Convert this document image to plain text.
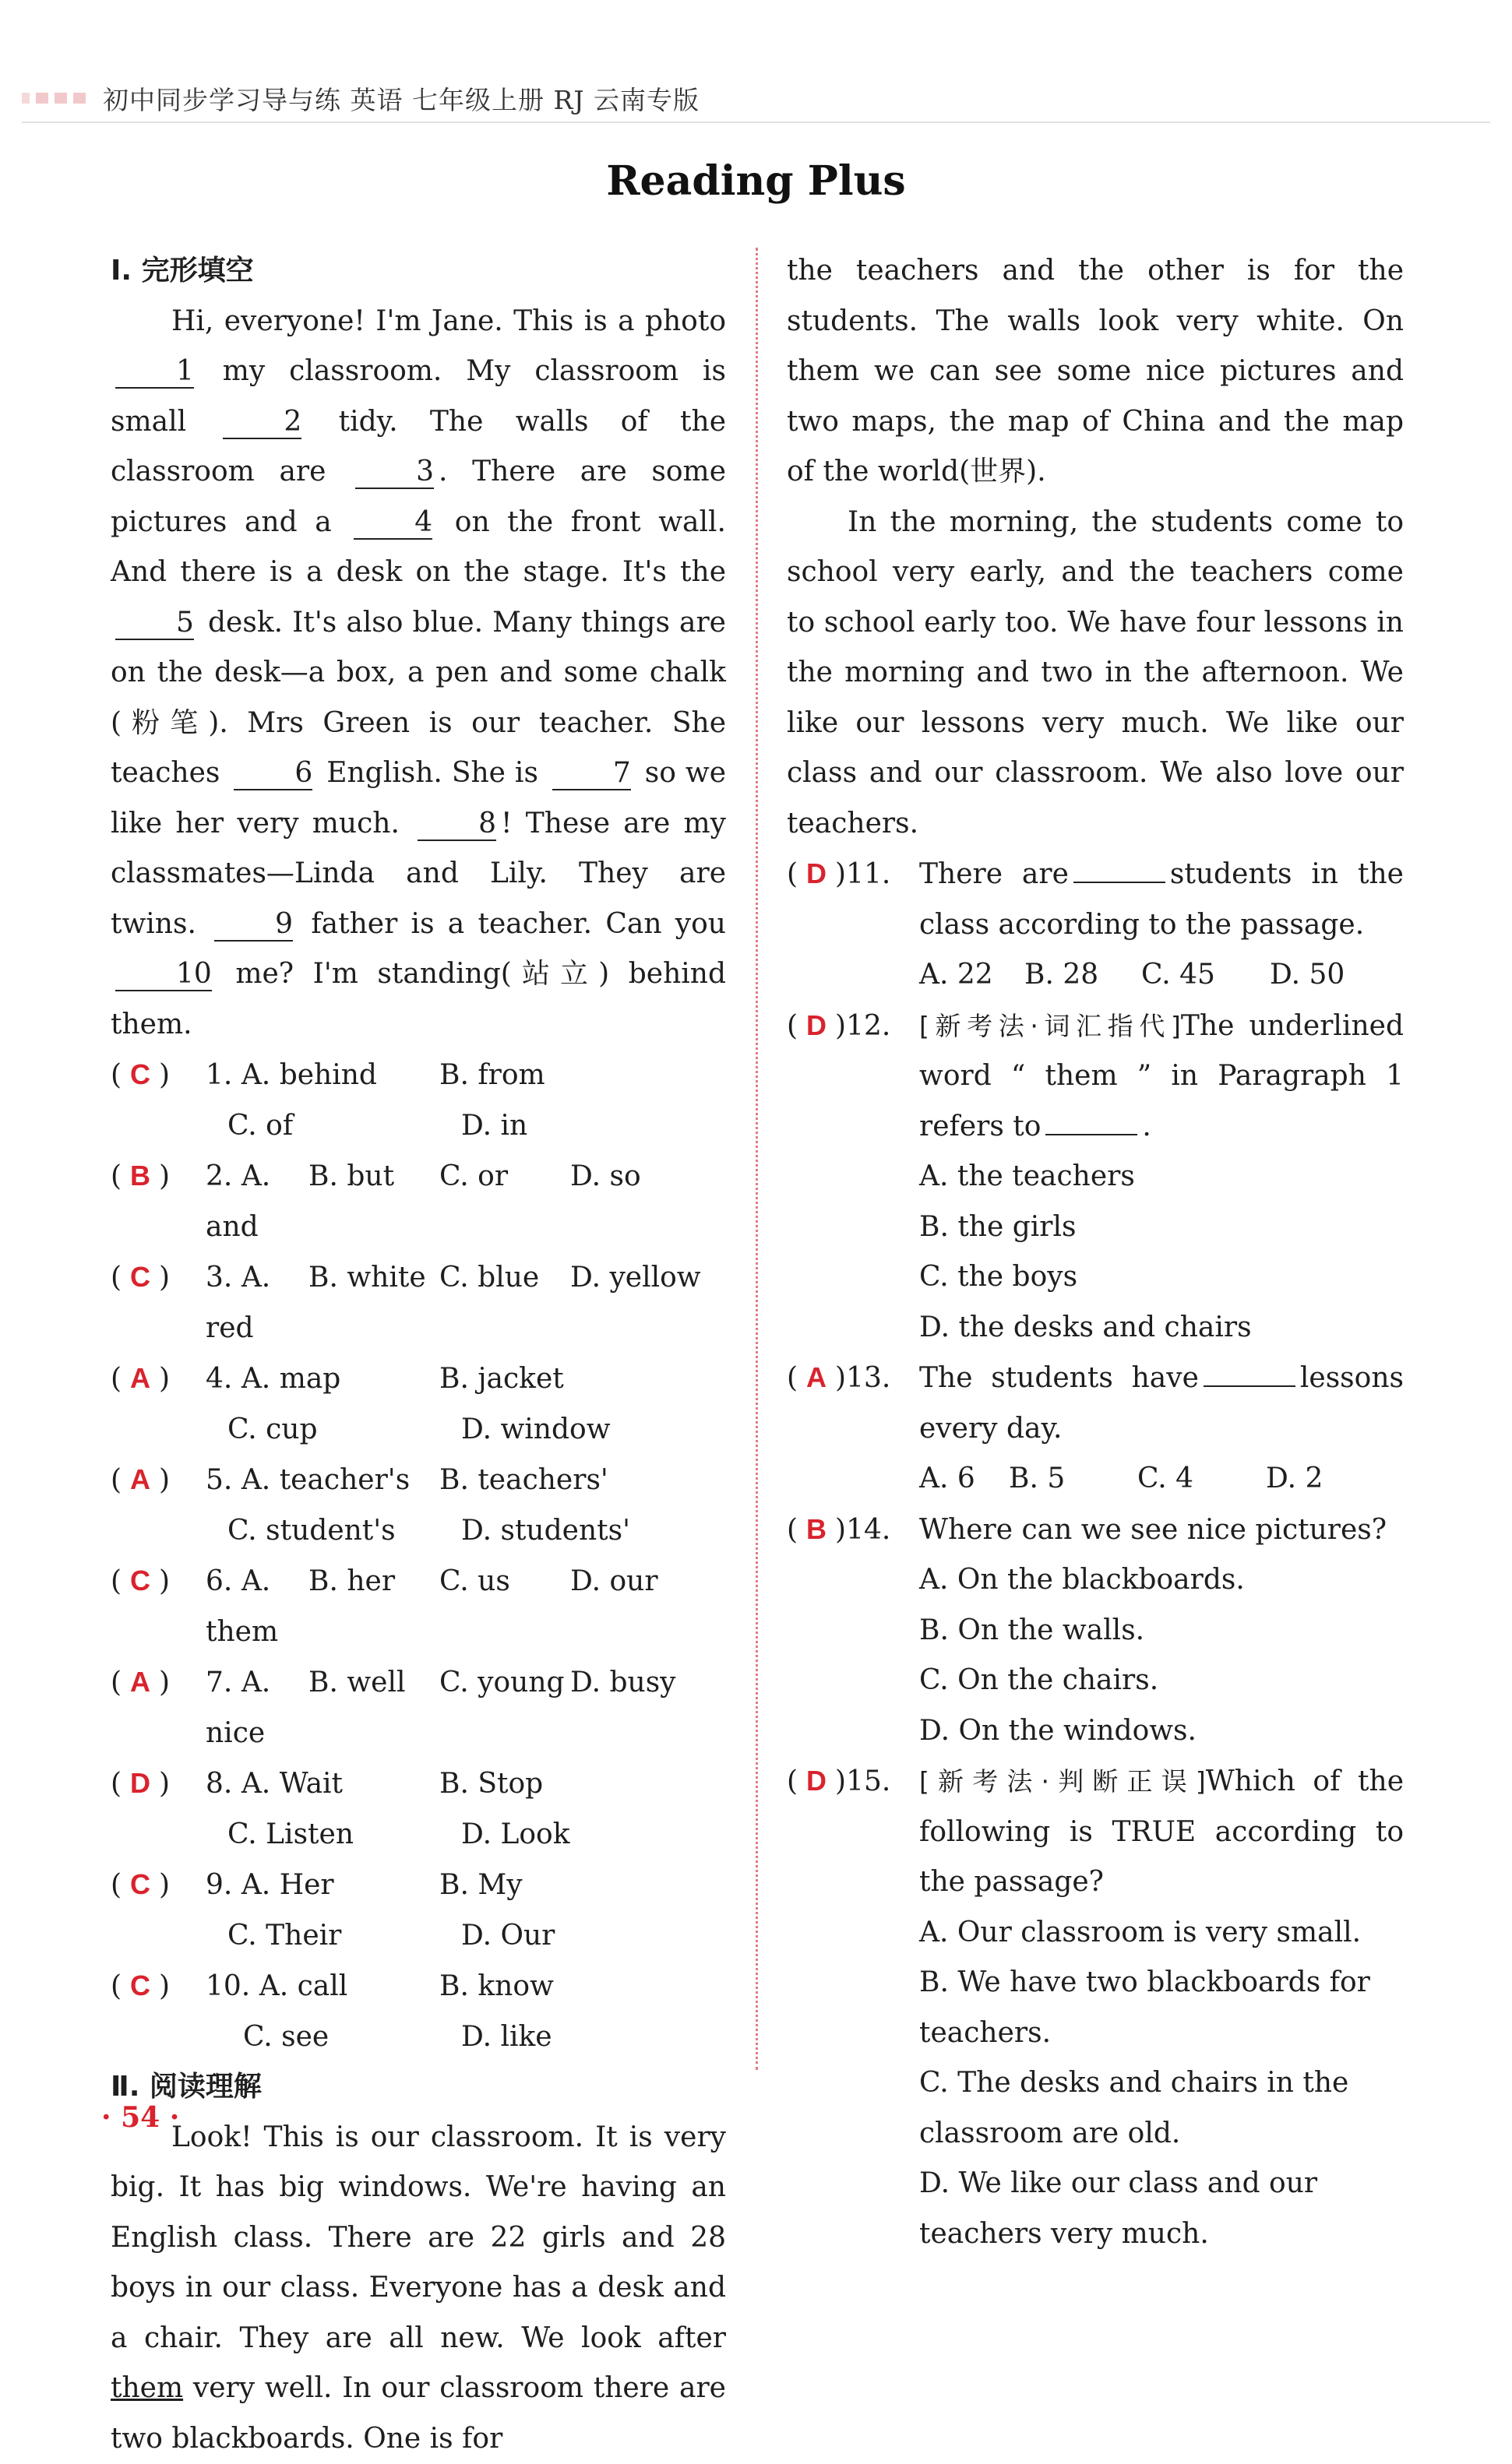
初中同步学习导与练 英语 七年级上册 RJ 云南专版
Reading Plus
Ⅰ. 完形填空
Hi, everyone! I'm Jane. This is a photo 1 my classroom. My classroom is small	2 tidy. The walls of the classroom are	3 . There are some pictures and a	4 on the front wall. And there is a desk on the stage. It's the 5 desk. It's also blue. Many things are on the desk—a box, a pen and some chalk (粉笔). Mrs Green is our teacher. She teaches	6 English. She is	7 so we like her very much.	8 ! These are my classmates—Linda and Lily. They are twins.	9 father is a teacher. Can you 10 me? I'm standing(站立) behind them.
( C )	1. A. behind	B. from
C. of	D. in
( B )	2. A. and
B. but	C. or	D. so
( C )	3. A. red
B. white C. blue	D. yellow
( A )	4. A. map	B. jacket
C. cup	D. window
( A )	5. A. teacher's	B. teachers'
C. student's	D. students'
( C )	6. A. them
B. her	C. us	D. our
( A )	7. A. nice
B. well	C. young D. busy
( D )	8. A. Wait	B. Stop
C. Listen	D. Look
( C )	9. A. Her	B. My
C. Their	D. Our
( C )	10. A. call	B. know
C. see	D. like
Ⅱ. 阅读理解
Look! This is our classroom. It is very big. It has big windows. We're having an English class. There are 22 girls and 28 boys in our class. Everyone has a desk and a chair. They are all new. We look after them very well. In our classroom there are two blackboards. One is for
the teachers and the other is for the students. The walls look very white. On them we can see some nice pictures and two maps, the map of China and the map of the world(世界).
In the morning, the students come to school very early, and the teachers come to school early too. We have four lessons in the morning and two in the afternoon. We like our lessons very much. We like our class and our classroom. We also love our teachers.
( D )11.	There are	students in the class according to the passage.
A. 22	B. 28	C. 45	D. 50
( D )12.	[新考法·词汇指代]The underlined word “ them ” in Paragraph 1 refers to	.
A. the teachers
B. the girls
C. the boys
D. the desks and chairs
( A )13.	The students have	lessons every day.
A. 6	B. 5	C. 4	D. 2
( B )14.	Where can we see nice pictures?
A. On the blackboards.
B. On the walls.
C. On the chairs.
D. On the windows.
( D )15.	[新考法·判断正误]Which of the following is TRUE according to the passage?
A. Our classroom is very small.
B. We have two blackboards for teachers.
C. The desks and chairs in the classroom are old.
D. We like our class and our teachers very much.
· 54 ·
